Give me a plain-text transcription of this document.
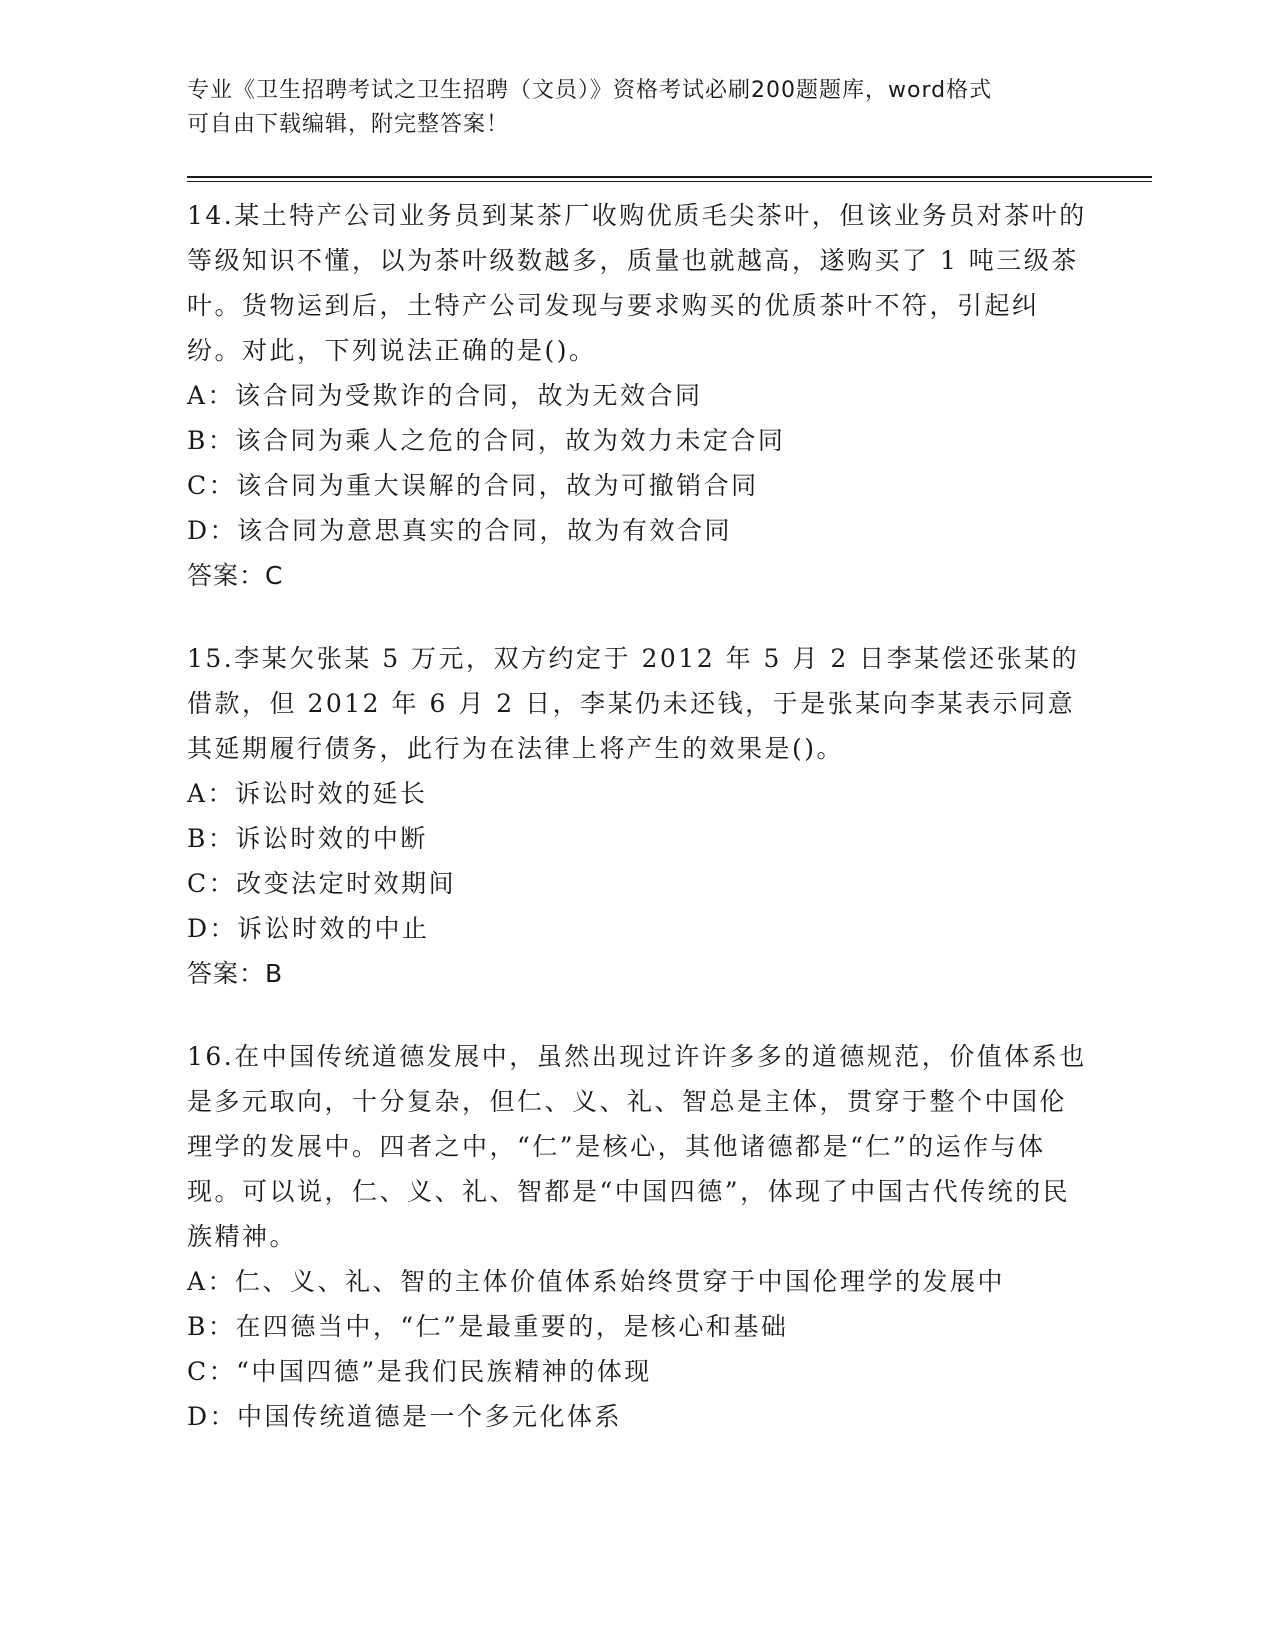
专业《卫生招聘考试之卫生招聘（文员）》资格考试必刷200题题库，word格式
可自由下载编辑，附完整答案！

14.某土特产公司业务员到某茶厂收购优质毛尖茶叶，但该业务员对茶叶的等级知识不懂，以为茶叶级数越多，质量也就越高，遂购买了 1 吨三级茶叶。货物运到后，土特产公司发现与要求购买的优质茶叶不符，引起纠纷。对此，下列说法正确的是()。

A：该合同为受欺诈的合同，故为无效合同

B：该合同为乘人之危的合同，故为效力未定合同

C：该合同为重大误解的合同，故为可撤销合同

D：该合同为意思真实的合同，故为有效合同

答案：C

15.李某欠张某 5 万元，双方约定于 2012 年 5 月 2 日李某偿还张某的借款，但 2012 年 6 月 2 日，李某仍未还钱，于是张某向李某表示同意其延期履行债务，此行为在法律上将产生的效果是()。

A：诉讼时效的延长

B：诉讼时效的中断

C：改变法定时效期间

D：诉讼时效的中止

答案：B

16.在中国传统道德发展中，虽然出现过许许多多的道德规范，价值体系也是多元取向，十分复杂，但仁、义、礼、智总是主体，贯穿于整个中国伦理学的发展中。四者之中，“仁”是核心，其他诸德都是“仁”的运作与体现。可以说，仁、义、礼、智都是“中国四德”，体现了中国古代传统的民族精神。

A：仁、义、礼、智的主体价值体系始终贯穿于中国伦理学的发展中

B：在四德当中，“仁”是最重要的，是核心和基础

C：“中国四德”是我们民族精神的体现

D：中国传统道德是一个多元化体系
